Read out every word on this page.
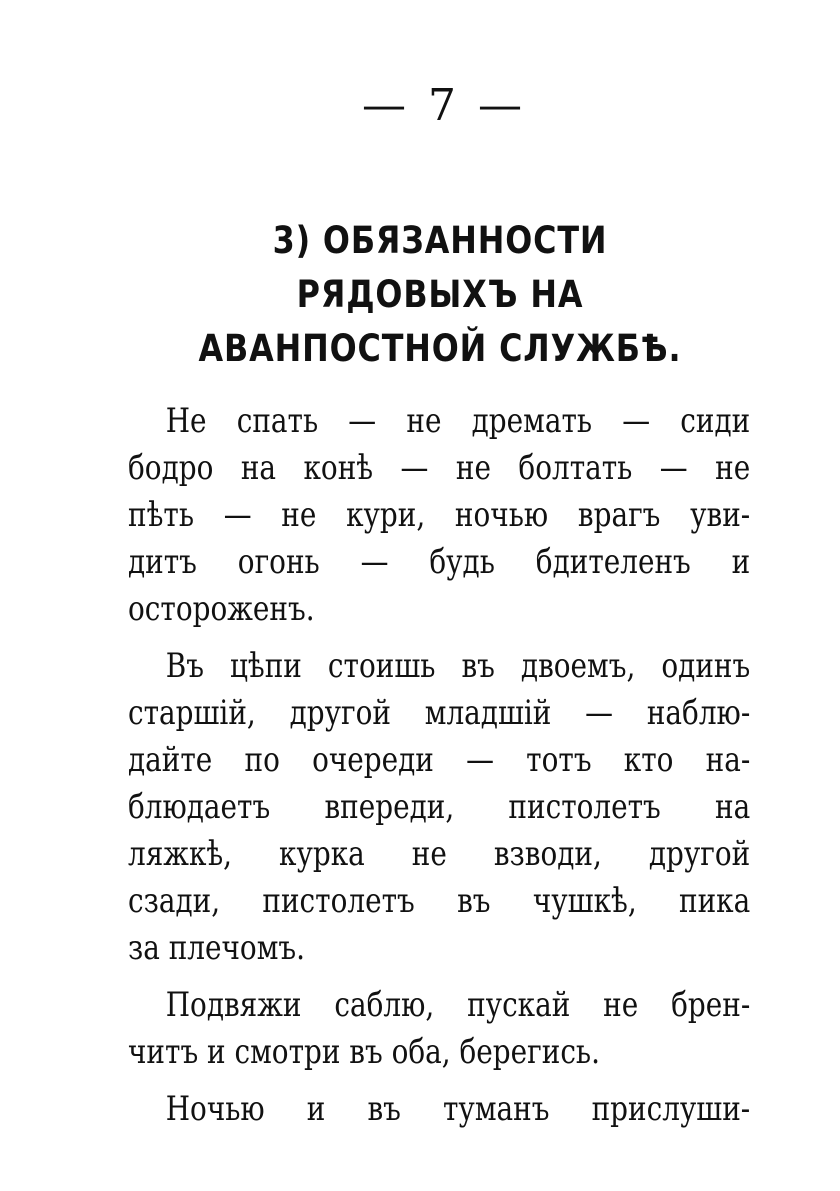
— 7 —
3) ОБЯЗАННОСТИ РЯДОВЫХЪ НА
АВАНПОСТНОЙ СЛУЖБѢ.

Не спать — не дремать — сиди
бодро на конѣ — не болтать — не
пѣть — не кури, ночью врагъ уви-
дитъ огонь — будь бдителенъ и
остороженъ.

Въ цѣпи стоишь въ двоемъ, одинъ
старшій, другой младшій — наблю-
дайте по очереди — тотъ кто на-
блюдаетъ впереди, пистолетъ на
ляжкѣ, курка не взводи, другой
сзади, пистолетъ въ чушкѣ, пика
за плечомъ.

Подвяжи саблю, пускай не брен-
читъ и смотри въ оба, берегись.

Ночью и въ туманъ прислуши-
